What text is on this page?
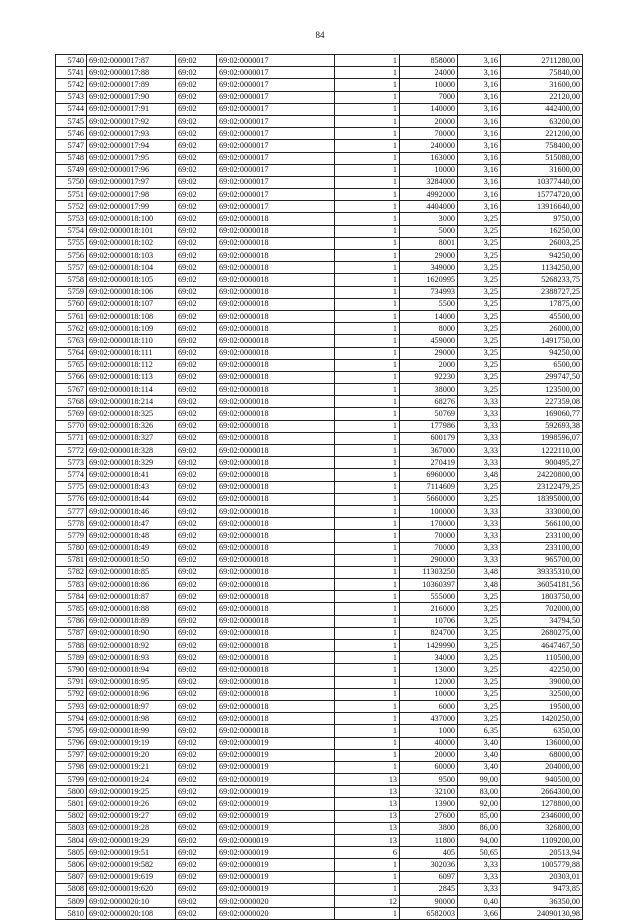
84
5740	69:02:0000017:87	69:02	69:02:0000017	1	858000	3,16	2711280,00
5741	69:02:0000017:88	69:02	69:02:0000017	1	24000	3,16	75840,00
5742	69:02:0000017:89	69:02	69:02:0000017	1	10000	3,16	31600,00
5743	69:02:0000017:90	69:02	69:02:0000017	1	7000	3,16	22120,00
5744	69:02:0000017:91	69:02	69:02:0000017	1	140000	3,16	442400,00
5745	69:02:0000017:92	69:02	69:02:0000017	1	20000	3,16	63200,00
5746	69:02:0000017:93	69:02	69:02:0000017	1	70000	3,16	221200,00
5747	69:02:0000017:94	69:02	69:02:0000017	1	240000	3,16	758400,00
5748	69:02:0000017:95	69:02	69:02:0000017	1	163000	3,16	515080,00
5749	69:02:0000017:96	69:02	69:02:0000017	1	10000	3,16	31600,00
5750	69:02:0000017:97	69:02	69:02:0000017	1	3284000	3,16	10377440,00
5751	69:02:0000017:98	69:02	69:02:0000017	1	4992000	3,16	15774720,00
5752	69:02:0000017:99	69:02	69:02:0000017	1	4404000	3,16	13916640,00
5753	69:02:0000018:100	69:02	69:02:0000018	1	3000	3,25	9750,00
5754	69:02:0000018:101	69:02	69:02:0000018	1	5000	3,25	16250,00
5755	69:02:0000018:102	69:02	69:02:0000018	1	8001	3,25	26003,25
5756	69:02:0000018:103	69:02	69:02:0000018	1	29000	3,25	94250,00
5757	69:02:0000018:104	69:02	69:02:0000018	1	349000	3,25	1134250,00
5758	69:02:0000018:105	69:02	69:02:0000018	1	1620995	3,25	5268233,75
5759	69:02:0000018:106	69:02	69:02:0000018	1	734993	3,25	2388727,25
5760	69:02:0000018:107	69:02	69:02:0000018	1	5500	3,25	17875,00
5761	69:02:0000018:108	69:02	69:02:0000018	1	14000	3,25	45500,00
5762	69:02:0000018:109	69:02	69:02:0000018	1	8000	3,25	26000,00
5763	69:02:0000018:110	69:02	69:02:0000018	1	459000	3,25	1491750,00
5764	69:02:0000018:111	69:02	69:02:0000018	1	29000	3,25	94250,00
5765	69:02:0000018:112	69:02	69:02:0000018	1	2000	3,25	6500,00
5766	69:02:0000018:113	69:02	69:02:0000018	1	92230	3,25	299747,50
5767	69:02:0000018:114	69:02	69:02:0000018	1	38000	3,25	123500,00
5768	69:02:0000018:214	69:02	69:02:0000018	1	68276	3,33	227359,08
5769	69:02:0000018:325	69:02	69:02:0000018	1	50769	3,33	169060,77
5770	69:02:0000018:326	69:02	69:02:0000018	1	177986	3,33	592693,38
5771	69:02:0000018:327	69:02	69:02:0000018	1	600179	3,33	1998596,07
5772	69:02:0000018:328	69:02	69:02:0000018	1	367000	3,33	1222110,00
5773	69:02:0000018:329	69:02	69:02:0000018	1	270419	3,33	900495,27
5774	69:02:0000018:41	69:02	69:02:0000018	1	6960000	3,48	24220800,00
5775	69:02:0000018:43	69:02	69:02:0000018	1	7114609	3,25	23122479,25
5776	69:02:0000018:44	69:02	69:02:0000018	1	5660000	3,25	18395000,00
5777	69:02:0000018:46	69:02	69:02:0000018	1	100000	3,33	333000,00
5778	69:02:0000018:47	69:02	69:02:0000018	1	170000	3,33	566100,00
5779	69:02:0000018:48	69:02	69:02:0000018	1	70000	3,33	233100,00
5780	69:02:0000018:49	69:02	69:02:0000018	1	70000	3,33	233100,00
5781	69:02:0000018:50	69:02	69:02:0000018	1	290000	3,33	965700,00
5782	69:02:0000018:85	69:02	69:02:0000018	1	11303250	3,48	39335310,00
5783	69:02:0000018:86	69:02	69:02:0000018	1	10360397	3,48	36054181,56
5784	69:02:0000018:87	69:02	69:02:0000018	1	555000	3,25	1803750,00
5785	69:02:0000018:88	69:02	69:02:0000018	1	216000	3,25	702000,00
5786	69:02:0000018:89	69:02	69:02:0000018	1	10706	3,25	34794,50
5787	69:02:0000018:90	69:02	69:02:0000018	1	824700	3,25	2680275,00
5788	69:02:0000018:92	69:02	69:02:0000018	1	1429990	3,25	4647467,50
5789	69:02:0000018:93	69:02	69:02:0000018	1	34000	3,25	110500,00
5790	69:02:0000018:94	69:02	69:02:0000018	1	13000	3,25	42250,00
5791	69:02:0000018:95	69:02	69:02:0000018	1	12000	3,25	39000,00
5792	69:02:0000018:96	69:02	69:02:0000018	1	10000	3,25	32500,00
5793	69:02:0000018:97	69:02	69:02:0000018	1	6000	3,25	19500,00
5794	69:02:0000018:98	69:02	69:02:0000018	1	437000	3,25	1420250,00
5795	69:02:0000018:99	69:02	69:02:0000018	1	1000	6,35	6350,00
5796	69:02:0000019:19	69:02	69:02:0000019	1	40000	3,40	136000,00
5797	69:02:0000019:20	69:02	69:02:0000019	1	20000	3,40	68000,00
5798	69:02:0000019:21	69:02	69:02:0000019	1	60000	3,40	204000,00
5799	69:02:0000019:24	69:02	69:02:0000019	13	9500	99,00	940500,00
5800	69:02:0000019:25	69:02	69:02:0000019	13	32100	83,00	2664300,00
5801	69:02:0000019:26	69:02	69:02:0000019	13	13900	92,00	1278800,00
5802	69:02:0000019:27	69:02	69:02:0000019	13	27600	85,00	2346000,00
5803	69:02:0000019:28	69:02	69:02:0000019	13	3800	86,00	326800,00
5804	69:02:0000019:29	69:02	69:02:0000019	13	11800	94,00	1109200,00
5805	69:02:0000019:51	69:02	69:02:0000019	6	405	50,65	20513,94
5806	69:02:0000019:582	69:02	69:02:0000019	1	302036	3,33	1005779,88
5807	69:02:0000019:619	69:02	69:02:0000019	1	6097	3,33	20303,01
5808	69:02:0000019:620	69:02	69:02:0000019	1	2845	3,33	9473,85
5809	69:02:0000020:10	69:02	69:02:0000020	12	90000	0,40	36350,00
5810	69:02:0000020:108	69:02	69:02:0000020	1	6582003	3,66	24090130,98
